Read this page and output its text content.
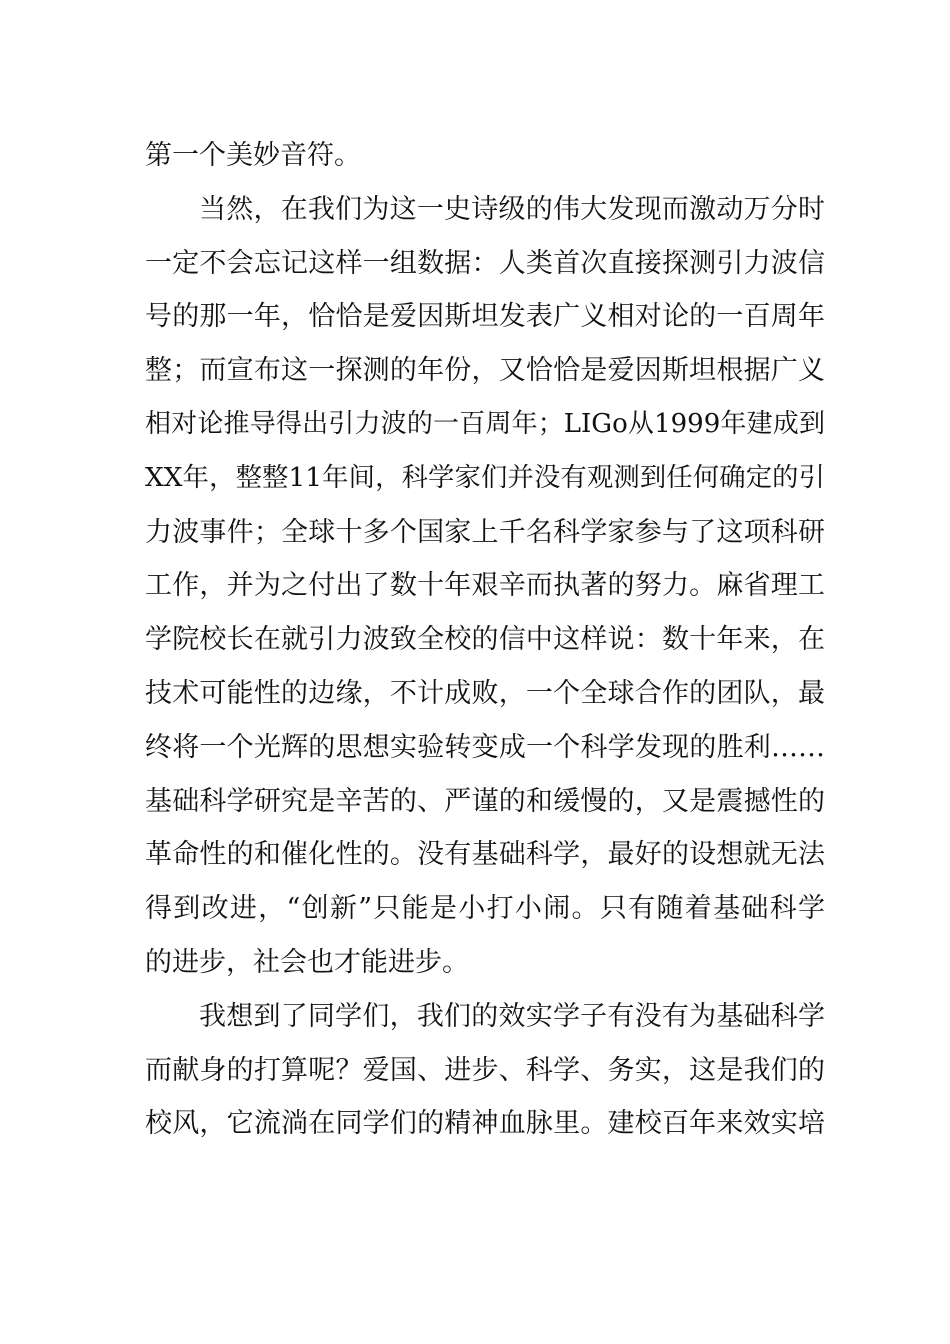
第一个美妙音符。
当然，在我们为这一史诗级的伟大发现而激动万分时
一定不会忘记这样一组数据：人类首次直接探测引力波信
号的那一年，恰恰是爱因斯坦发表广义相对论的一百周年
整；而宣布这一探测的年份，又恰恰是爱因斯坦根据广义
相对论推导得出引力波的一百周年；LIGo从1999年建成到
XX年，整整11年间，科学家们并没有观测到任何确定的引
力波事件；全球十多个国家上千名科学家参与了这项科研
工作，并为之付出了数十年艰辛而执著的努力。麻省理工
学院校长在就引力波致全校的信中这样说：数十年来，在
技术可能性的边缘，不计成败，一个全球合作的团队，最
终将一个光辉的思想实验转变成一个科学发现的胜利……
基础科学研究是辛苦的、严谨的和缓慢的，又是震撼性的
革命性的和催化性的。没有基础科学，最好的设想就无法
得到改进，“创新”只能是小打小闹。只有随着基础科学
的进步，社会也才能进步。
我想到了同学们，我们的效实学子有没有为基础科学
而献身的打算呢？爱国、进步、科学、务实，这是我们的
校风，它流淌在同学们的精神血脉里。建校百年来效实培
